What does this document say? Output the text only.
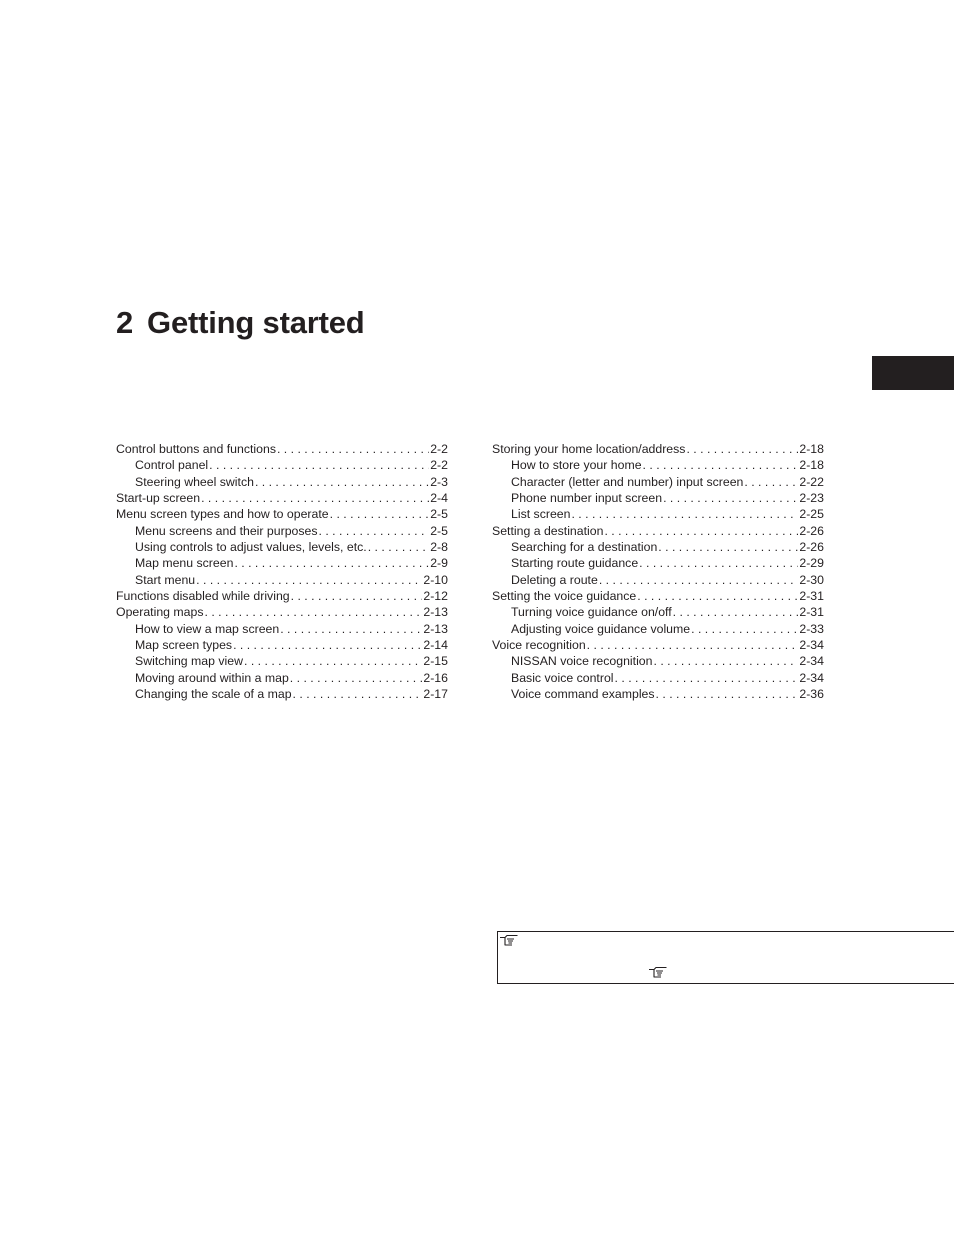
2 Getting started
Control buttons and functions . . .	2-2
Control panel . . .	2-2
Steering wheel switch . . .	2-3
Start-up screen . . .	2-4
Menu screen types and how to operate . . .	2-5
Menu screens and their purposes . . .	2-5
Using controls to adjust values, levels, etc. . . .	2-8
Map menu screen . . .	2-9
Start menu . . .	2-10
Functions disabled while driving . . .	2-12
Operating maps . . .	2-13
How to view a map screen . . .	2-13
Map screen types . . .	2-14
Switching map view . . .	2-15
Moving around within a map . . .	2-16
Changing the scale of a map . . .	2-17
Storing your home location/address . . .	2-18
How to store your home . . .	2-18
Character (letter and number) input screen . . .	2-22
Phone number input screen . . .	2-23
List screen . . .	2-25
Setting a destination . . .	2-26
Searching for a destination . . .	2-26
Starting route guidance . . .	2-29
Deleting a route . . .	2-30
Setting the voice guidance . . .	2-31
Turning voice guidance on/off . . .	2-31
Adjusting voice guidance volume . . .	2-33
Voice recognition . . .	2-34
NISSAN voice recognition . . .	2-34
Basic voice control . . .	2-34
Voice command examples . . .	2-36
